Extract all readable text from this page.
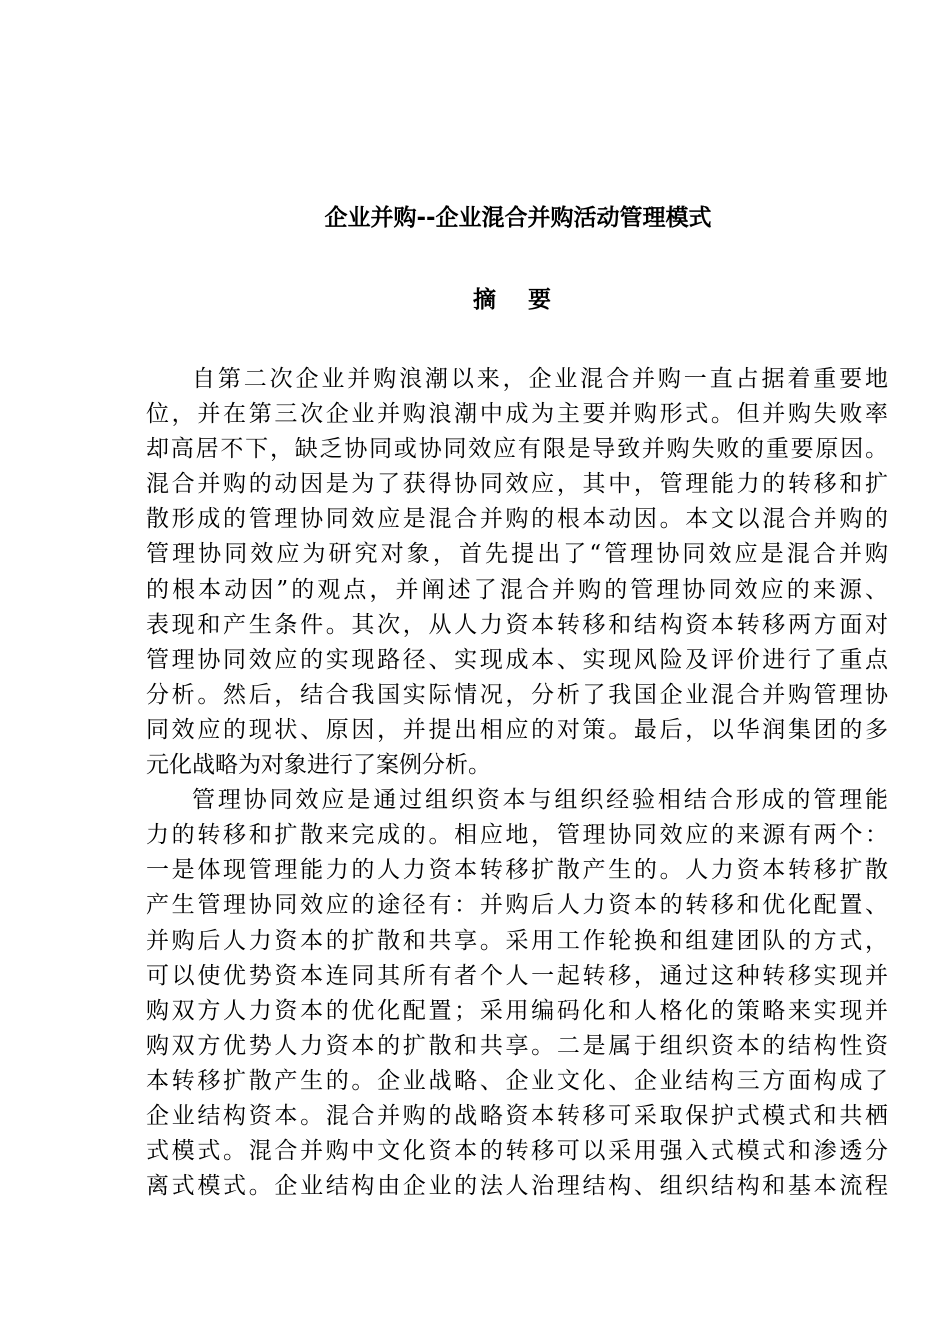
企业并购--企业混合并购活动管理模式
摘 要
自第二次企业并购浪潮以来，企业混合并购一直占据着重要地
位，并在第三次企业并购浪潮中成为主要并购形式。但并购失败率
却高居不下，缺乏协同或协同效应有限是导致并购失败的重要原因。
混合并购的动因是为了获得协同效应，其中，管理能力的转移和扩
散形成的管理协同效应是混合并购的根本动因。本文以混合并购的
管理协同效应为研究对象，首先提出了“管理协同效应是混合并购
的根本动因”的观点，并阐述了混合并购的管理协同效应的来源、
表现和产生条件。其次，从人力资本转移和结构资本转移两方面对
管理协同效应的实现路径、实现成本、实现风险及评价进行了重点
分析。然后，结合我国实际情况，分析了我国企业混合并购管理协
同效应的现状、原因，并提出相应的对策。最后，以华润集团的多
元化战略为对象进行了案例分析。
管理协同效应是通过组织资本与组织经验相结合形成的管理能
力的转移和扩散来完成的。相应地，管理协同效应的来源有两个：
一是体现管理能力的人力资本转移扩散产生的。人力资本转移扩散
产生管理协同效应的途径有：并购后人力资本的转移和优化配置、
并购后人力资本的扩散和共享。采用工作轮换和组建团队的方式，
可以使优势资本连同其所有者个人一起转移，通过这种转移实现并
购双方人力资本的优化配置；采用编码化和人格化的策略来实现并
购双方优势人力资本的扩散和共享。二是属于组织资本的结构性资
本转移扩散产生的。企业战略、企业文化、企业结构三方面构成了
企业结构资本。混合并购的战略资本转移可采取保护式模式和共栖
式模式。混合并购中文化资本的转移可以采用强入式模式和渗透分
离式模式。企业结构由企业的法人治理结构、组织结构和基本流程
